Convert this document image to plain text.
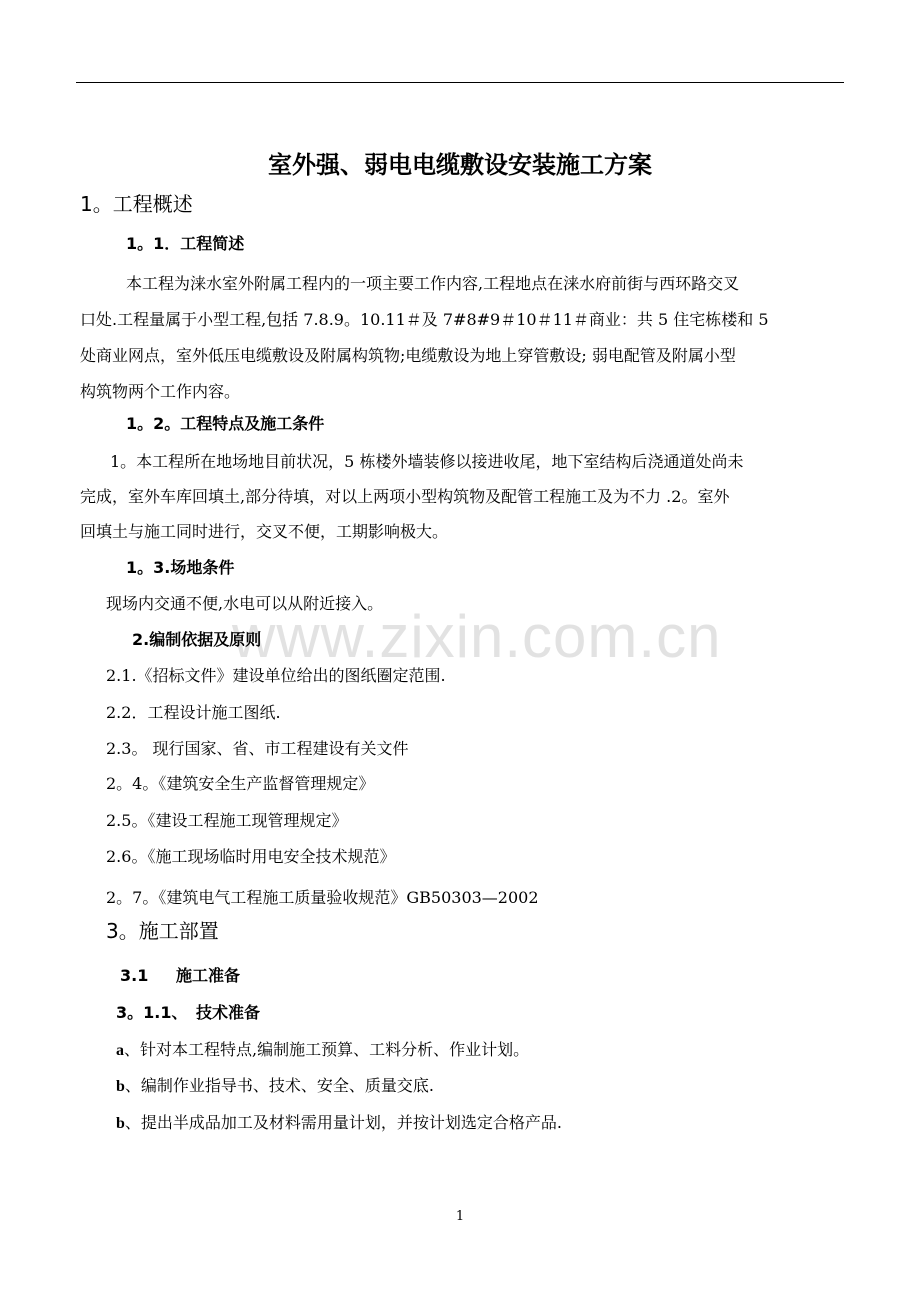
室外强、弱电电缆敷设安装施工方案
1。工程概述
1。1．工程简述
本工程为涞水室外附属工程内的一项主要工作内容,工程地点在涞水府前街与西环路交叉
口处.工程量属于小型工程,包括 7.8.9。10.11＃及 7#8#9＃10＃11＃商业：共 5 住宅栋楼和 5
处商业网点，室外低压电缆敷设及附属构筑物;电缆敷设为地上穿管敷设; 弱电配管及附属小型
构筑物两个工作内容。
1。2。工程特点及施工条件
1。本工程所在地场地目前状况，5 栋楼外墙装修以接进收尾，地下室结构后浇通道处尚未
完成，室外车库回填土,部分待填，对以上两项小型构筑物及配管工程施工及为不力 .2。室外
回填土与施工同时进行，交叉不便，工期影响极大。
1。3.场地条件
现场内交通不便,水电可以从附近接入。
www.zixin.com.cn
2.编制依据及原则
2.1.《招标文件》建设单位给出的图纸圈定范围.
2.2．工程设计施工图纸.
2.3。 现行国家、省、市工程建设有关文件
2。4。《建筑安全生产监督管理规定》
2.5。《建设工程施工现管理规定》
2.6。《施工现场临时用电安全技术规范》
2。7。《建筑电气工程施工质量验收规范》GB50303—2002
3。施工部置
3.1 施工准备
3。1.1、 技术准备
a、针对本工程特点,编制施工预算、工料分析、作业计划。
b、编制作业指导书、技术、安全、质量交底.
b、提出半成品加工及材料需用量计划，并按计划选定合格产品.
1
